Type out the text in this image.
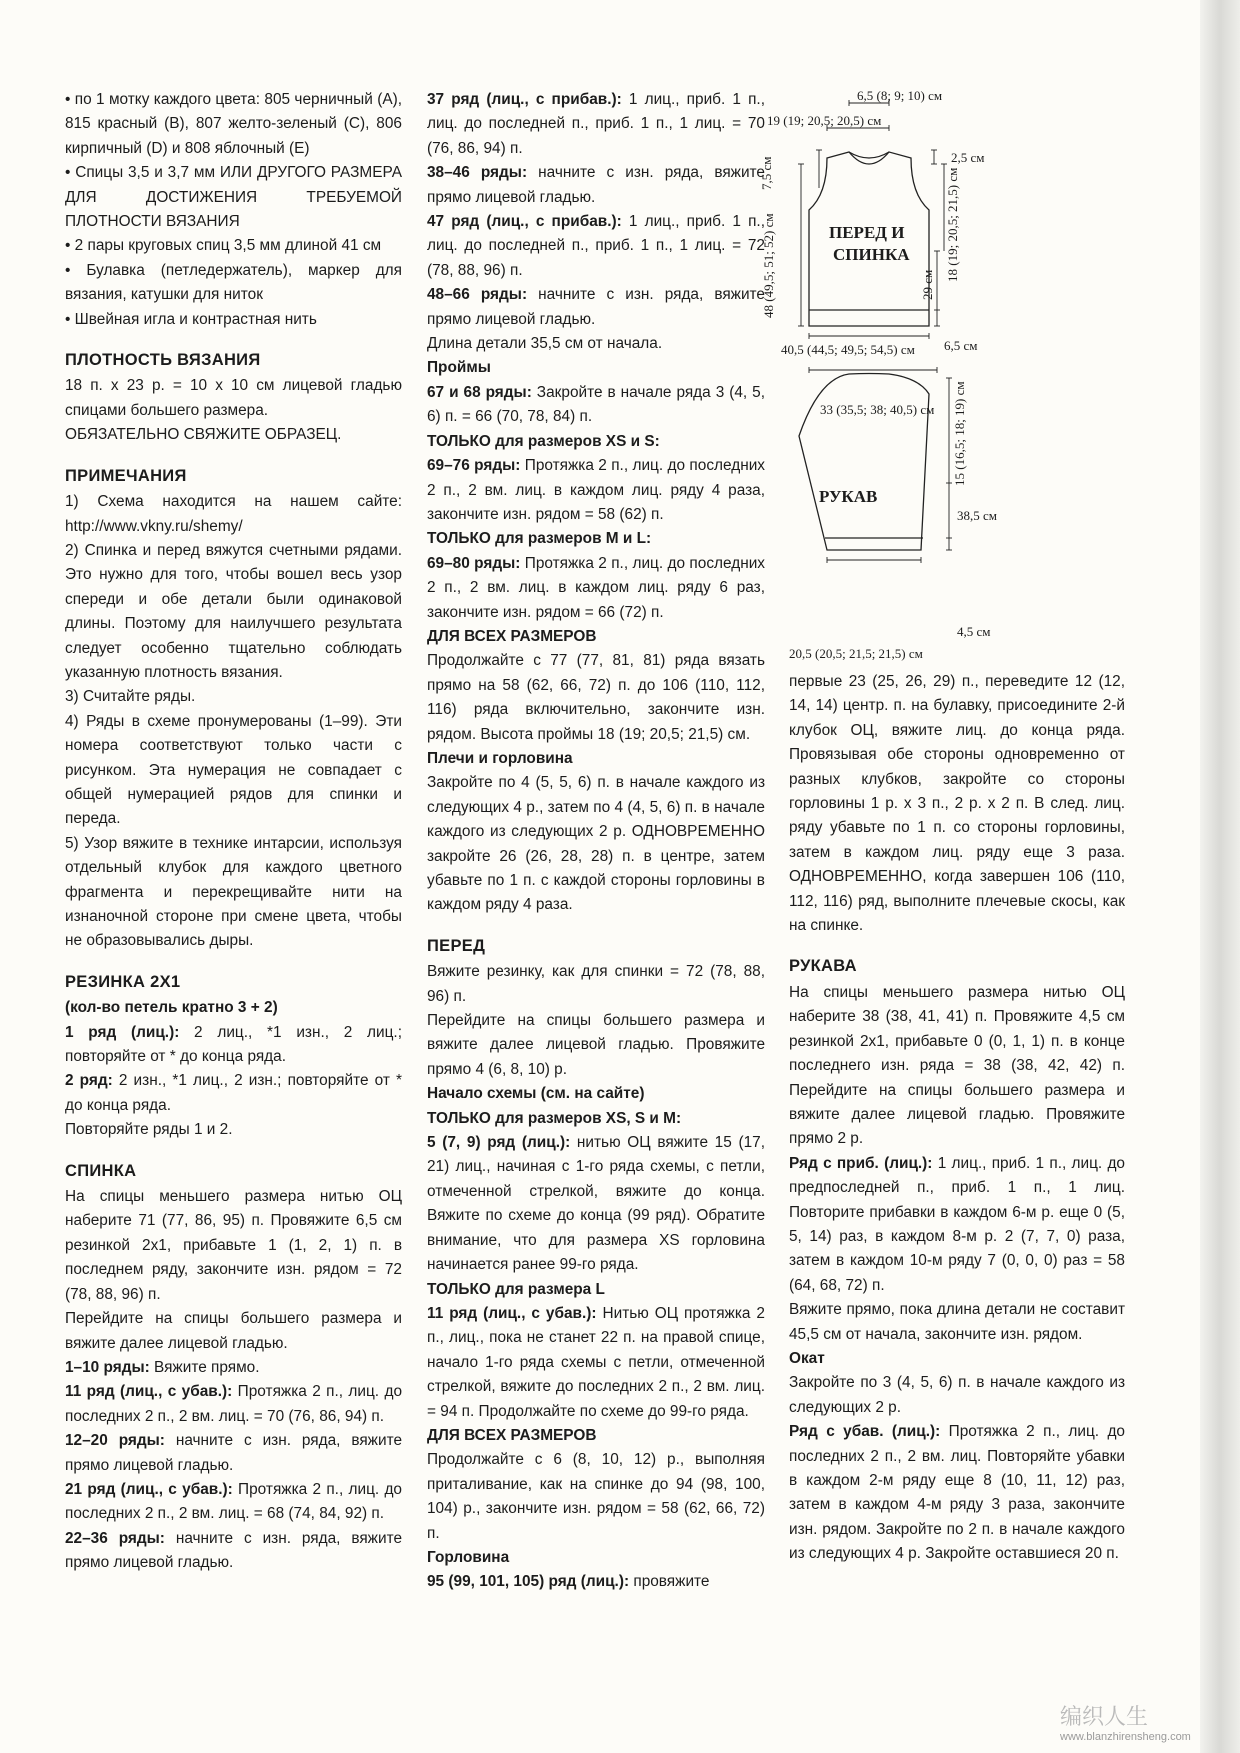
• по 1 мотку каждого цвета: 805 черничный (A), 815 красный (B), 807 желто-зеленый (C), 806 кирпичный (D) и 808 яблочный (E)

• Спицы 3,5 и 3,7 мм ИЛИ ДРУГОГО РАЗМЕРА ДЛЯ ДОСТИЖЕНИЯ ТРЕБУЕМОЙ ПЛОТНОСТИ ВЯЗАНИЯ

• 2 пары круговых спиц 3,5 мм длиной 41 см

• Булавка (петледержатель), маркер для вязания, катушки для ниток

• Швейная игла и контрастная нить

ПЛОТНОСТЬ ВЯЗАНИЯ

18 п. х 23 р. = 10 х 10 см лицевой гладью спицами большего размера.

ОБЯЗАТЕЛЬНО СВЯЖИТЕ ОБРАЗЕЦ.

ПРИМЕЧАНИЯ

1) Схема находится на нашем сайте: http://www.vkny.ru/shemy/

2) Спинка и перед вяжутся счетными рядами. Это нужно для того, чтобы вошел весь узор спереди и обе детали были одинаковой длины. Поэтому для наилучшего результата следует особенно тщательно соблюдать указанную плотность вязания.

3) Считайте ряды.

4) Ряды в схеме пронумерованы (1–99). Эти номера соответствуют только части с рисунком. Эта нумерация не совпадает с общей нумерацией рядов для спинки и переда.

5) Узор вяжите в технике интарсии, используя отдельный клубок для каждого цветного фрагмента и перекрещивайте нити на изнаночной стороне при смене цвета, чтобы не образовывались дыры.

РЕЗИНКА 2Х1

(кол-во петель кратно 3 + 2)

1 ряд (лиц.): 2 лиц., *1 изн., 2 лиц.; повторяйте от * до конца ряда.

2 ряд: 2 изн., *1 лиц., 2 изн.; повторяйте от * до конца ряда.

Повторяйте ряды 1 и 2.

СПИНКА

На спицы меньшего размера нитью ОЦ наберите 71 (77, 86, 95) п. Провяжите 6,5 см резинкой 2х1, прибавьте 1 (1, 2, 1) п. в последнем ряду, закончите изн. рядом = 72 (78, 88, 96) п.

Перейдите на спицы большего размера и вяжите далее лицевой гладью.

1–10 ряды: Вяжите прямо.

11 ряд (лиц., с убав.): Протяжка 2 п., лиц. до последних 2 п., 2 вм. лиц. = 70 (76, 86, 94) п.

12–20 ряды: начните с изн. ряда, вяжите прямо лицевой гладью.

21 ряд (лиц., с убав.): Протяжка 2 п., лиц. до последних 2 п., 2 вм. лиц. = 68 (74, 84, 92) п.

22–36 ряды: начните с изн. ряда, вяжите прямо лицевой гладью.

37 ряд (лиц., с прибав.): 1 лиц., приб. 1 п., лиц. до последней п., приб. 1 п., 1 лиц. = 70 (76, 86, 94) п.

38–46 ряды: начните с изн. ряда, вяжите прямо лицевой гладью.

47 ряд (лиц., с прибав.): 1 лиц., приб. 1 п., лиц. до последней п., приб. 1 п., 1 лиц. = 72 (78, 88, 96) п.

48–66 ряды: начните с изн. ряда, вяжите прямо лицевой гладью.

Длина детали 35,5 см от начала.

Проймы

67 и 68 ряды: Закройте в начале ряда 3 (4, 5, 6) п. = 66 (70, 78, 84) п.

ТОЛЬКО для размеров XS и S:

69–76 ряды: Протяжка 2 п., лиц. до последних 2 п., 2 вм. лиц. в каждом лиц. ряду 4 раза, закончите изн. рядом = 58 (62) п.

ТОЛЬКО для размеров M и L:

69–80 ряды: Протяжка 2 п., лиц. до последних 2 п., 2 вм. лиц. в каждом лиц. ряду 6 раз, закончите изн. рядом = 66 (72) п.

ДЛЯ ВСЕХ РАЗМЕРОВ

Продолжайте с 77 (77, 81, 81) ряда вязать прямо на 58 (62, 66, 72) п. до 106 (110, 112, 116) ряда включительно, закончите изн. рядом. Высота проймы 18 (19; 20,5; 21,5) см.

Плечи и горловина

Закройте по 4 (5, 5, 6) п. в начале каждого из следующих 4 р., затем по 4 (4, 5, 6) п. в начале каждого из следующих 2 р. ОДНОВРЕМЕННО закройте 26 (26, 28, 28) п. в центре, затем убавьте по 1 п. с каждой стороны горловины в каждом ряду 4 раза.

ПЕРЕД

Вяжите резинку, как для спинки = 72 (78, 88, 96) п.

Перейдите на спицы большего размера и вяжите далее лицевой гладью. Провяжите прямо 4 (6, 8, 10) р.

Начало схемы (см. на сайте)

ТОЛЬКО для размеров XS, S и M:

5 (7, 9) ряд (лиц.): нитью ОЦ вяжите 15 (17, 21) лиц., начиная с 1-го ряда схемы, с петли, отмеченной стрелкой, вяжите до конца. Вяжите по схеме до конца (99 ряд). Обратите внимание, что для размера XS горловина начинается ранее 99-го ряда.

ТОЛЬКО для размера L

11 ряд (лиц., с убав.): Нитью ОЦ протяжка 2 п., лиц., пока не станет 22 п. на правой спице, начало 1-го ряда схемы с петли, отмеченной стрелкой, вяжите до последних 2 п., 2 вм. лиц. = 94 п. Продолжайте по схеме до 99-го ряда.

ДЛЯ ВСЕХ РАЗМЕРОВ

Продолжайте с 6 (8, 10, 12) р., выполняя приталивание, как на спинке до 94 (98, 100, 104) р., закончите изн. рядом = 58 (62, 66, 72) п.

Горловина

95 (99, 101, 105) ряд (лиц.): провяжите

6,5 (8; 9; 10) см
19 (19; 20,5; 20,5) см
2,5 см
7,5 см	18 (19; 20,5; 21,5) см
48 (49,5; 51; 52) см	29 см
6,5 см
40,5 (44,5; 49,5; 54,5) см
ПЕРЕД И
СПИНКА
33 (35,5; 38; 40,5) см 15 (16,5; 18; 19) см
38,5 см
4,5 см
20,5 (20,5; 21,5; 21,5) см
РУКАВ

первые 23 (25, 26, 29) п., переведите 12 (12, 14, 14) центр. п. на булавку, присоедините 2-й клубок ОЦ, вяжите лиц. до конца ряда. Провязывая обе стороны одновременно от разных клубков, закройте со стороны горловины 1 р. х 3 п., 2 р. х 2 п. В след. лиц. ряду убавьте по 1 п. со стороны горловины, затем в каждом лиц. ряду еще 3 раза. ОДНОВРЕМЕННО, когда завершен 106 (110, 112, 116) ряд, выполните плечевые скосы, как на спинке.

РУКАВА

На спицы меньшего размера нитью ОЦ наберите 38 (38, 41, 41) п. Провяжите 4,5 см резинкой 2х1, прибавьте 0 (0, 1, 1) п. в конце последнего изн. ряда = 38 (38, 42, 42) п. Перейдите на спицы большего размера и вяжите далее лицевой гладью. Провяжите прямо 2 р.

Ряд с приб. (лиц.): 1 лиц., приб. 1 п., лиц. до предпоследней п., приб. 1 п., 1 лиц. Повторите прибавки в каждом 6-м р. еще 0 (5, 5, 14) раз, в каждом 8-м р. 2 (7, 7, 0) раза, затем в каждом 10-м ряду 7 (0, 0, 0) раз = 58 (64, 68, 72) п.

Вяжите прямо, пока длина детали не составит 45,5 см от начала, закончите изн. рядом.

Окат

Закройте по 3 (4, 5, 6) п. в начале каждого из следующих 2 р.

Ряд с убав. (лиц.): Протяжка 2 п., лиц. до последних 2 п., 2 вм. лиц. Повторяйте убавки в каждом 2-м ряду еще 8 (10, 11, 12) раз, затем в каждом 4-м ряду 3 раза, закончите изн. рядом. Закройте по 2 п. в начале каждого из следующих 4 р. Закройте оставшиеся 20 п.

编织人生
www.blanzhirensheng.com
